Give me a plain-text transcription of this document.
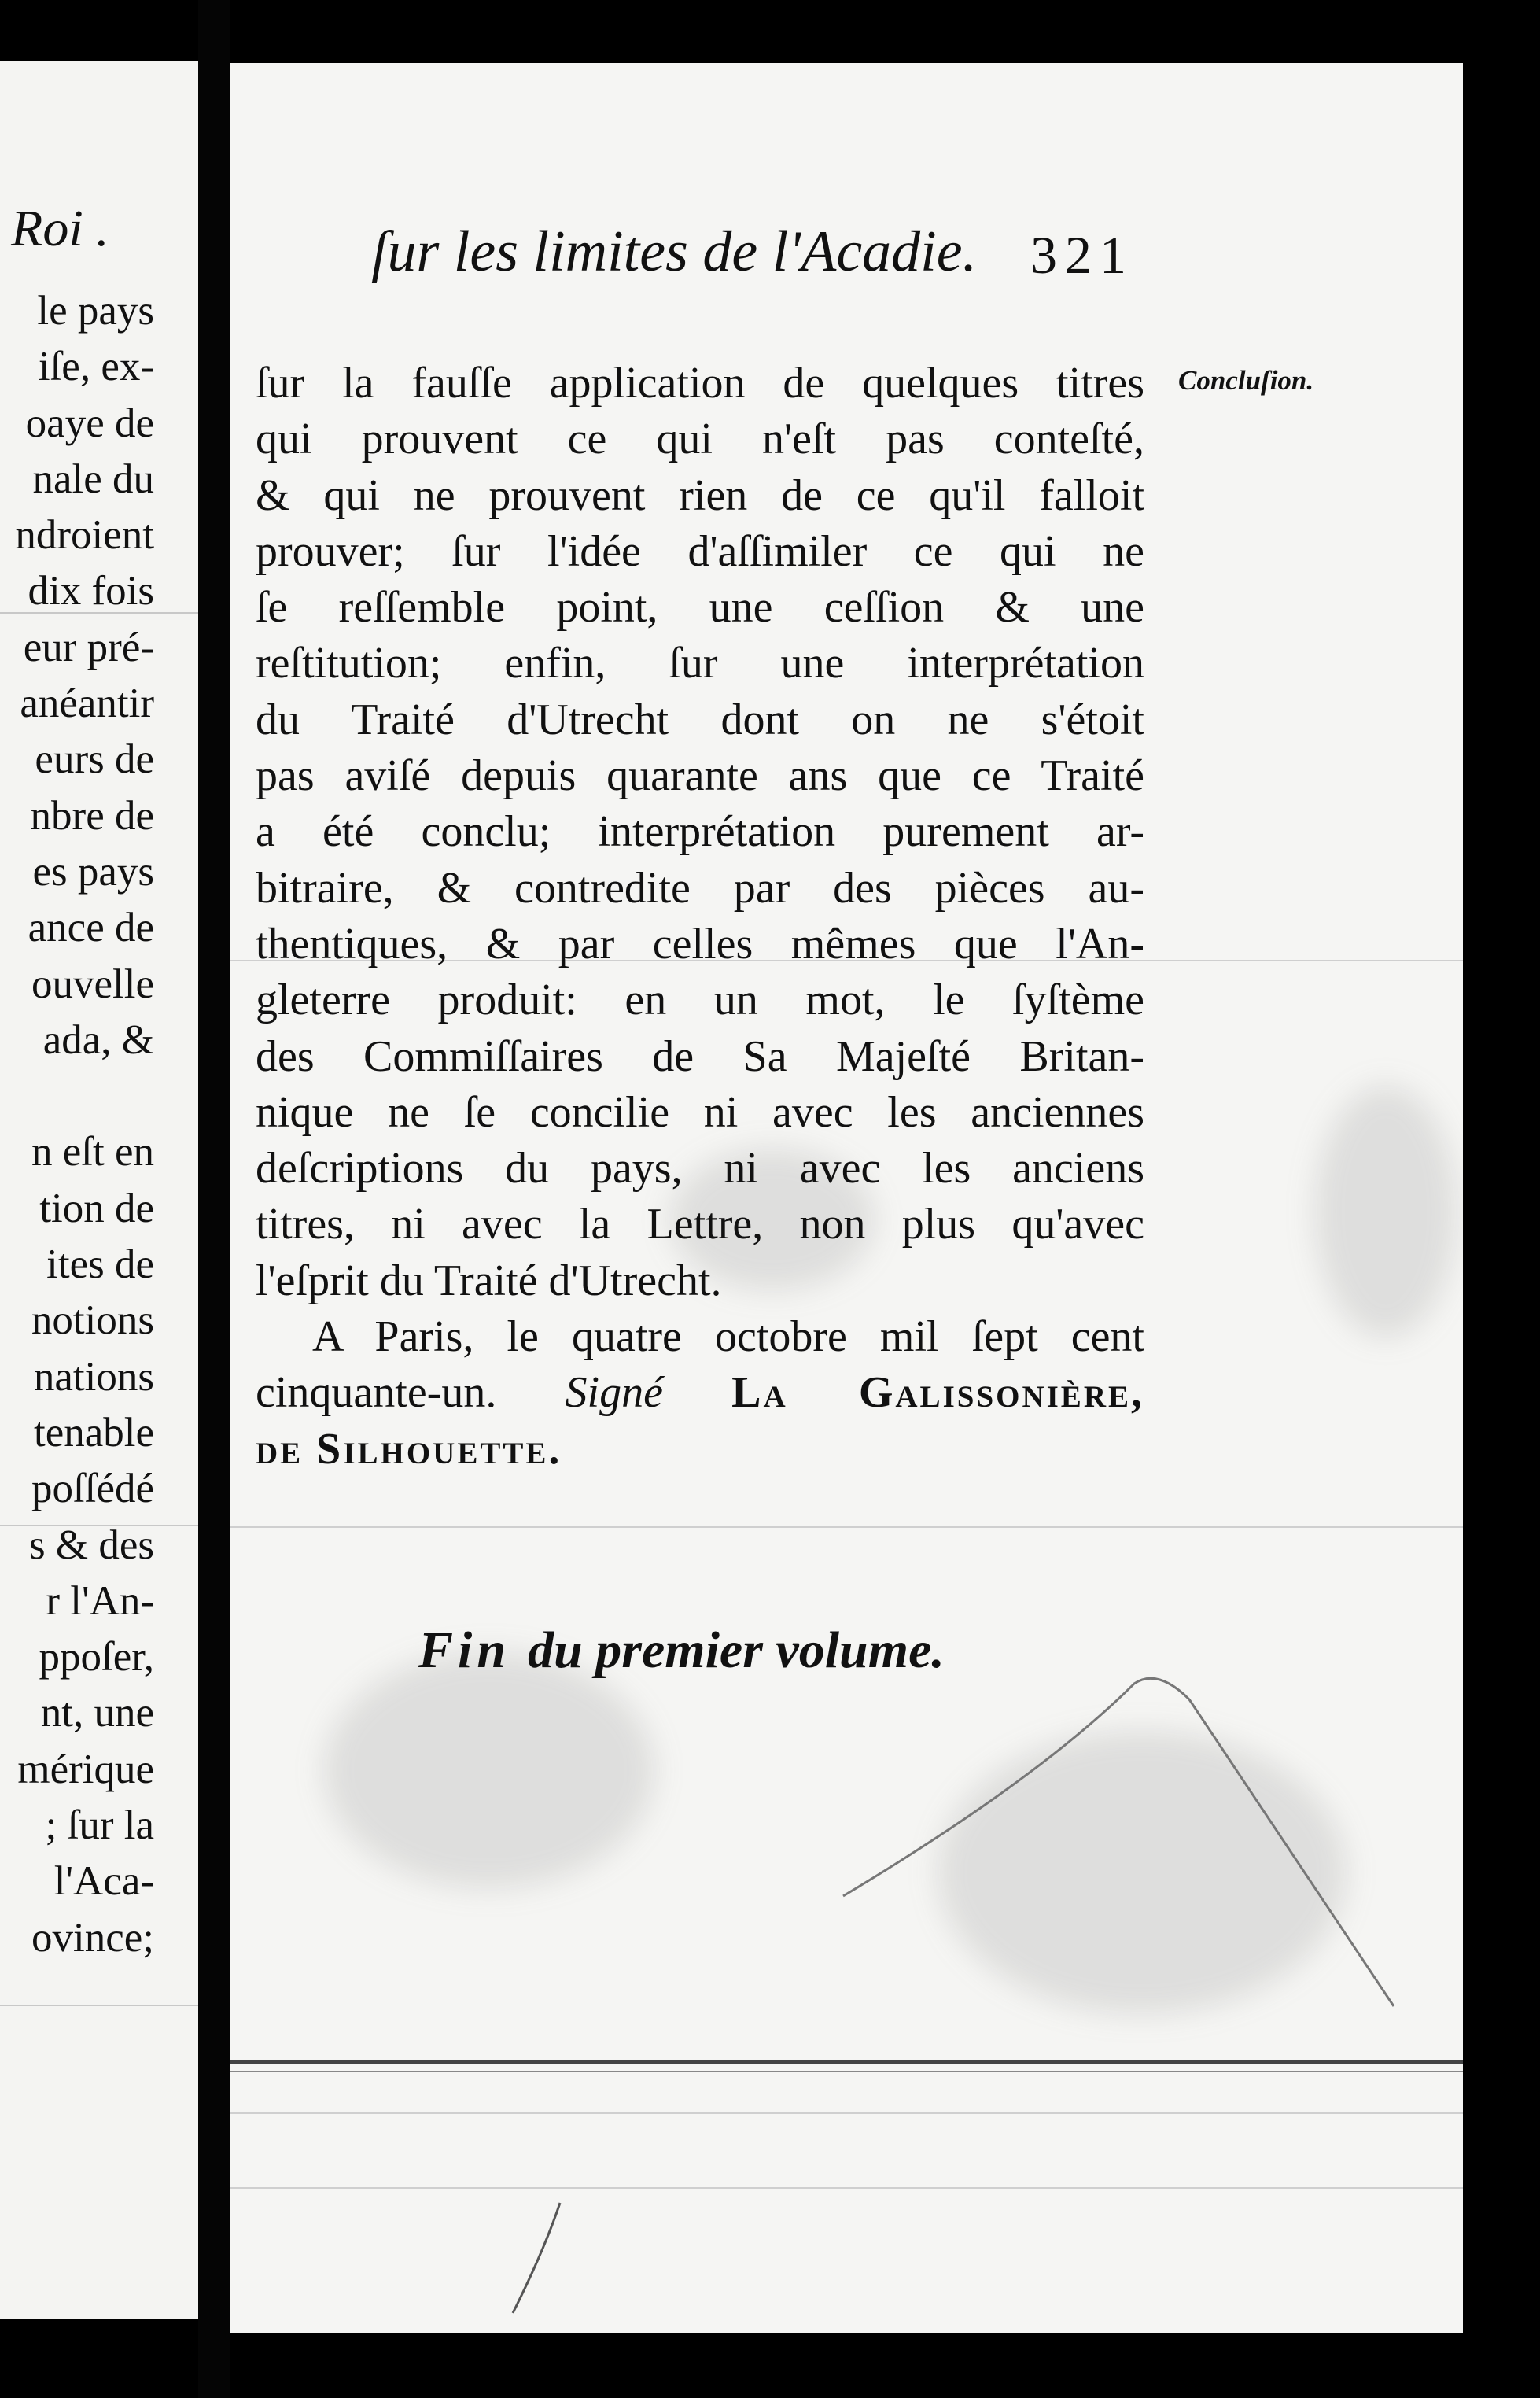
Roi .

le pays
iſe, ex-
oaye de
nale du
ndroient
dix fois
eur pré-
anéantir
eurs de
nbre de
es pays
ance de
ouvelle
ada, &
n eſt en
tion de
ites de
notions
nations
tenable
poſſédé
s & des
r l'An-
ppoſer,
nt, une
mérique
; ſur la
l'Aca-
ovince;

ſur les limites de l'Acadie. 321

Concluſion.

ſur la fauſſe application de quelques titres
qui prouvent ce qui n'eſt pas conteſté,
& qui ne prouvent rien de ce qu'il falloit
prouver; ſur l'idée d'aſſimiler ce qui ne
ſe reſſemble point, une ceſſion & une
reſtitution; enfin, ſur une interprétation
du Traité d'Utrecht dont on ne s'étoit
pas aviſé depuis quarante ans que ce Traité
a été conclu; interprétation purement ar-
bitraire, & contredite par des pièces au-
thentiques, & par celles mêmes que l'An-
gleterre produit: en un mot, le ſyſtème
des Commiſſaires de Sa Majeſté Britan-
nique ne ſe concilie ni avec les anciennes
deſcriptions du pays, ni avec les anciens
titres, ni avec la Lettre, non plus qu'avec
l'eſprit du Traité d'Utrecht.
A Paris, le quatre octobre mil ſept cent
cinquante-un. Signé La Galissonière,
de Silhouette.

Fin du premier volume.
